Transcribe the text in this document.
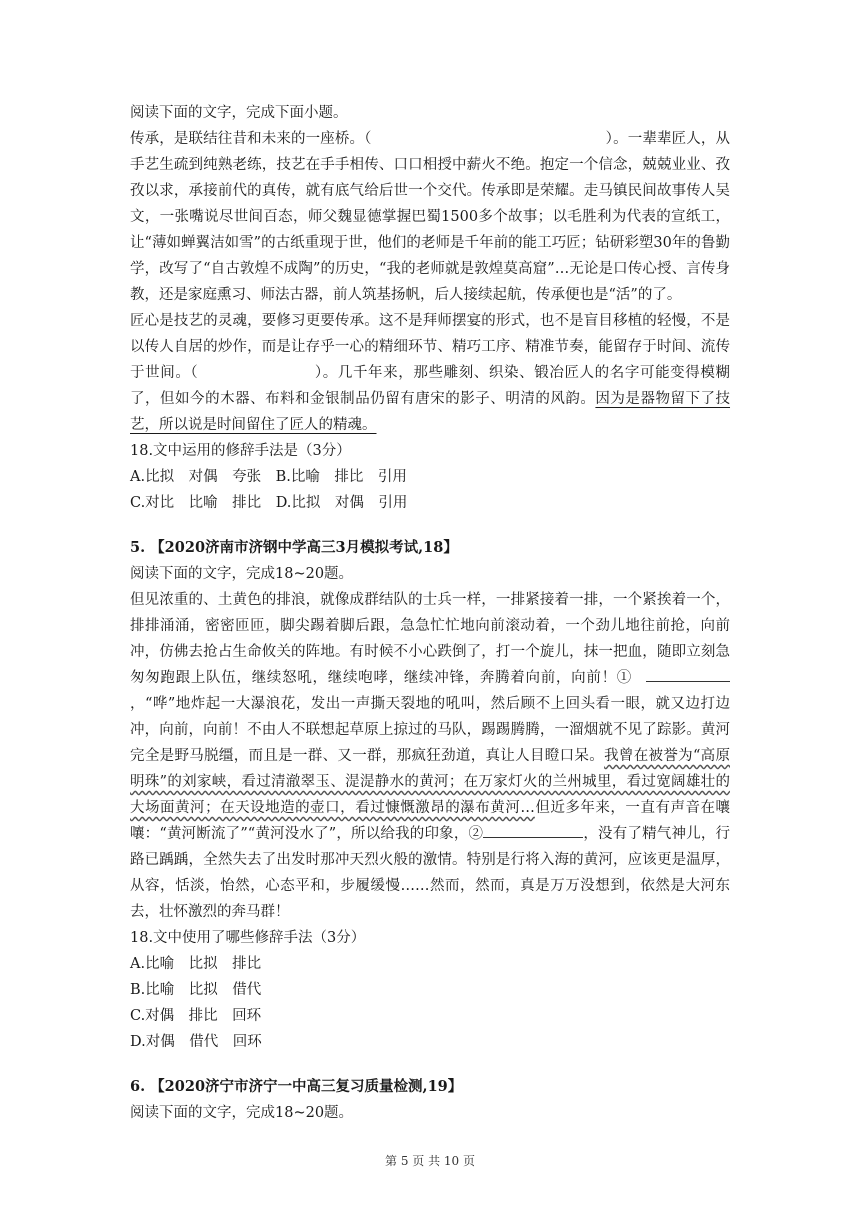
阅读下面的文字，完成下面小题。

传承，是联结往昔和未来的一座桥。（	）。一辈辈匠人，从手艺生疏到纯熟老练，技艺在手手相传、口口相授中薪火不绝。抱定一个信念，兢兢业业、孜孜以求，承接前代的真传，就有底气给后世一个交代。传承即是荣耀。走马镇民间故事传人吴文，一张嘴说尽世间百态，师父魏显德掌握巴蜀1500多个故事；以毛胜利为代表的宣纸工，让“薄如蝉翼洁如雪”的古纸重现于世，他们的老师是千年前的能工巧匠；钻研彩塑30年的鲁勤学，改写了“自古敦煌不成陶”的历史，“我的老师就是敦煌莫高窟”…无论是口传心授、言传身教，还是家庭熏习、师法古器，前人筑基扬帆，后人接续起航，传承便也是“活”的了。

匠心是技艺的灵魂，要修习更要传承。这不是拜师摆宴的形式，也不是盲目移植的轻慢，不是以传人自居的炒作，而是让存乎一心的精细环节、精巧工序、精准节奏，能留存于时间、流传于世间。（	）。几千年来，那些雕刻、织染、锻冶匠人的名字可能变得模糊了，但如今的木器、布料和金银制品仍留有唐宋的影子、明清的风韵。因为是器物留下了技艺，所以说是时间留住了匠人的精魂。

18.文中运用的修辞手法是（3分）

A.比拟　对偶　夸张　 B.比喻　排比　引用

C.对比　比喻　排比　 D.比拟　对偶　引用

5. 【2020济南市济钢中学高三3月模拟考试,18】

阅读下面的文字，完成18~20题。

但见浓重的、土黄色的排浪，就像成群结队的士兵一样，一排紧接着一排，一个紧挨着一个，排排涌涌，密密匝匝，脚尖踢着脚后跟，急急忙忙地向前滚动着，一个劲儿地往前抢，向前冲，仿佛去抢占生命攸关的阵地。有时候不小心跌倒了，打一个旋儿，抹一把血，随即立刻急匆匆跑跟上队伍，继续怒吼，继续咆哮，继续冲锋，奔腾着向前，向前！①，“哗”地炸起一大瀑浪花，发出一声撕天裂地的吼叫，然后顾不上回头看一眼，就又边打边冲，向前，向前！不由人不联想起草原上掠过的马队，踢踢腾腾，一溜烟就不见了踪影。黄河完全是野马脱缰，而且是一群、又一群，那疯狂劲道，真让人目瞪口呆。我曾在被誉为“高原明珠”的刘家峡，看过清澈翠玉、湜湜静水的黄河；在万家灯火的兰州城里，看过宽阔雄壮的大场面黄河；在天设地造的壶口，看过慷慨激昂的瀑布黄河…但近多年来，一直有声音在嚷嚷：“黄河断流了”“黄河没水了”，所以给我的印象，②	，没有了精气神儿，行路已踽踽，全然失去了出发时那冲天烈火般的激情。特别是行将入海的黄河，应该更是温厚，从容，恬淡，怡然，心态平和，步履缓慢……然而，然而，真是万万没想到，依然是大河东去，壮怀激烈的奔马群！

18.文中使用了哪些修辞手法（3分）

A.比喻　比拟　排比

B.比喻　比拟　借代

C.对偶　排比　回环

D.对偶　借代　回环

6. 【2020济宁市济宁一中高三复习质量检测,19】

阅读下面的文字，完成18~20题。

第 5 页 共 10 页
